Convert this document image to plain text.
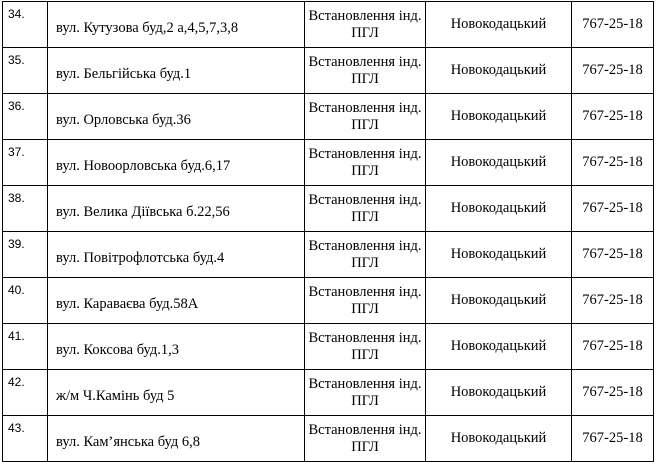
34.	вул. Кутузова буд,2 а,4,5,7,3,8	Встановлення інд.
ПГЛ	Новокодацький	767-25-18
35.	вул. Бельгійська буд.1	Встановлення інд.
ПГЛ	Новокодацький	767-25-18
36.	вул. Орловська буд.36	Встановлення інд.
ПГЛ	Новокодацький	767-25-18
37.	вул. Новоорловська буд.6,17	Встановлення інд.
ПГЛ	Новокодацький	767-25-18
38.	вул. Велика Діївська б.22,56	Встановлення інд.
ПГЛ	Новокодацький	767-25-18
39.	вул. Повітрофлотська буд.4	Встановлення інд.
ПГЛ	Новокодацький	767-25-18
40.	вул. Караваєва буд.58А	Встановлення інд.
ПГЛ	Новокодацький	767-25-18
41.	вул. Коксова буд.1,3	Встановлення інд.
ПГЛ	Новокодацький	767-25-18
42.	ж/м Ч.Камінь буд 5	Встановлення інд.
ПГЛ	Новокодацький	767-25-18
43.	вул. Кам’янська буд 6,8	Встановлення інд.
ПГЛ	Новокодацький	767-25-18
